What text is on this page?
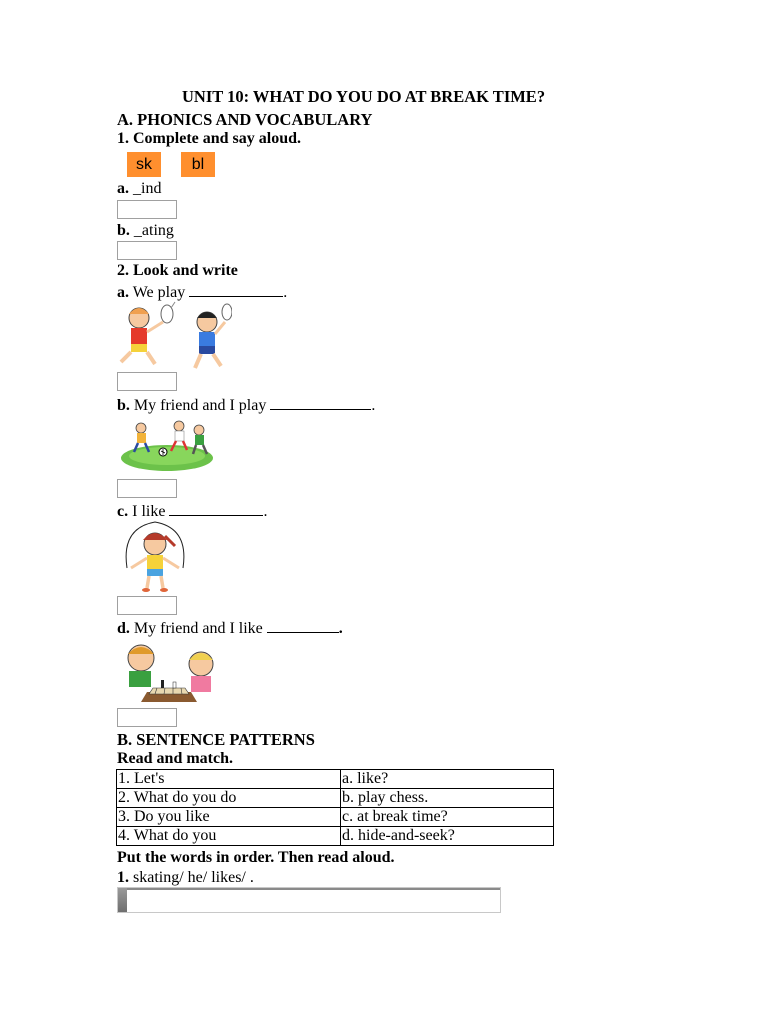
UNIT 10: WHAT DO YOU DO AT BREAK TIME?
A. PHONICS AND VOCABULARY
1. Complete and say aloud.
sk	bl
a. _ind
b. _ating
2. Look and write
a. We play	.
b. My friend and I play	.
c. I like	.
d. My friend and I like	.
B. SENTENCE PATTERNS
Read and match.
1. Let's	a. like?
2. What do you do	b. play chess.
3. Do you like	c. at break time?
4. What do you	d. hide-and-seek?
Put the words in order. Then read aloud.
1. skating/ he/ likes/ .
